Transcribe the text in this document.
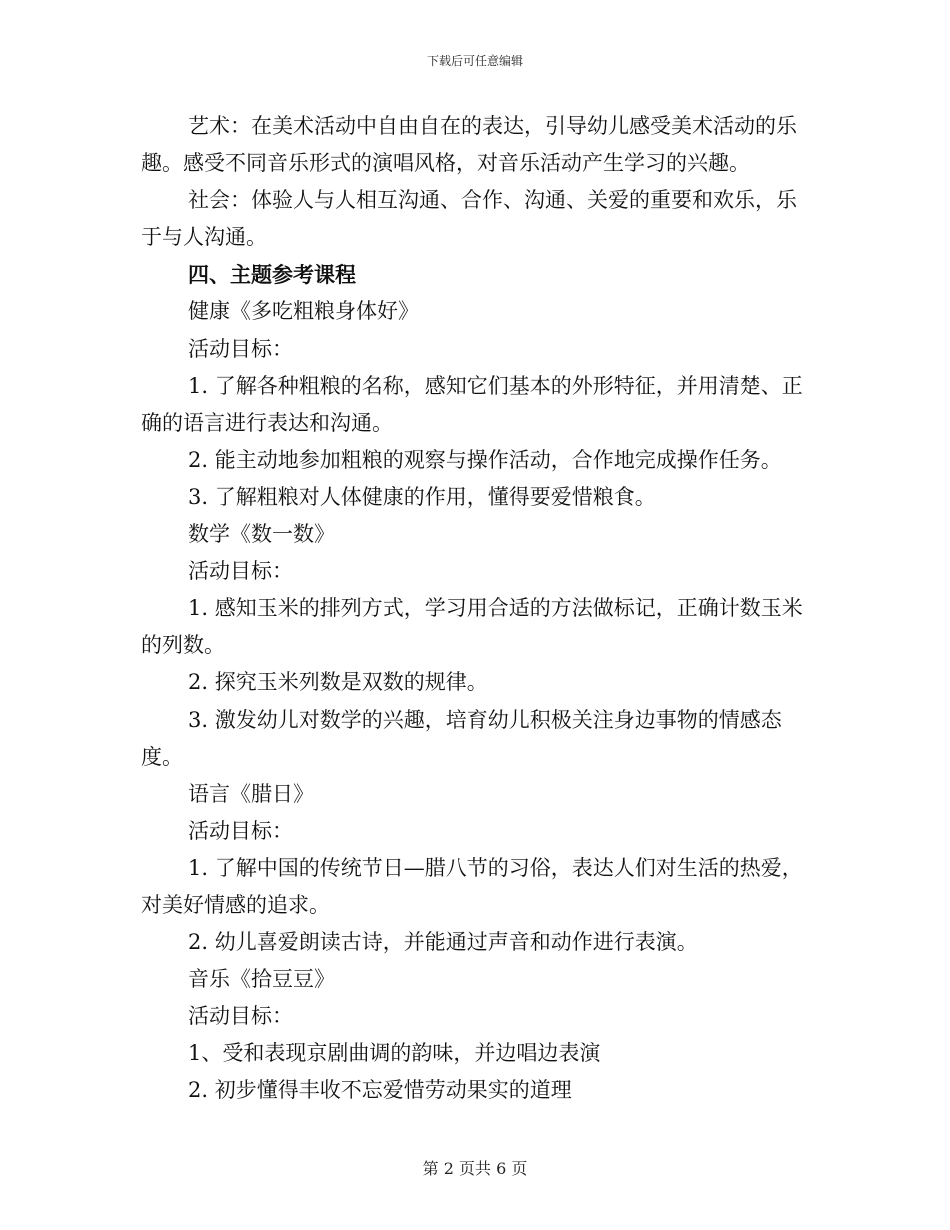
下载后可任意编辑

艺术：在美术活动中自由自在的表达，引导幼儿感受美术活动的乐趣。感受不同音乐形式的演唱风格，对音乐活动产生学习的兴趣。

社会：体验人与人相互沟通、合作、沟通、关爱的重要和欢乐，乐于与人沟通。

四、主题参考课程

健康《多吃粗粮身体好》

活动目标：

1. 了解各种粗粮的名称，感知它们基本的外形特征，并用清楚、正确的语言进行表达和沟通。

2. 能主动地参加粗粮的观察与操作活动，合作地完成操作任务。

3. 了解粗粮对人体健康的作用，懂得要爱惜粮食。

数学《数一数》

活动目标：

1. 感知玉米的排列方式，学习用合适的方法做标记，正确计数玉米的列数。

2. 探究玉米列数是双数的规律。

3. 激发幼儿对数学的兴趣，培育幼儿积极关注身边事物的情感态度。

语言《腊日》

活动目标：

1. 了解中国的传统节日—腊八节的习俗，表达人们对生活的热爱，对美好情感的追求。

2. 幼儿喜爱朗读古诗，并能通过声音和动作进行表演。

音乐《拾豆豆》

活动目标：

1、受和表现京剧曲调的韵味，并边唱边表演

2. 初步懂得丰收不忘爱惜劳动果实的道理

第 2 页共 6 页
